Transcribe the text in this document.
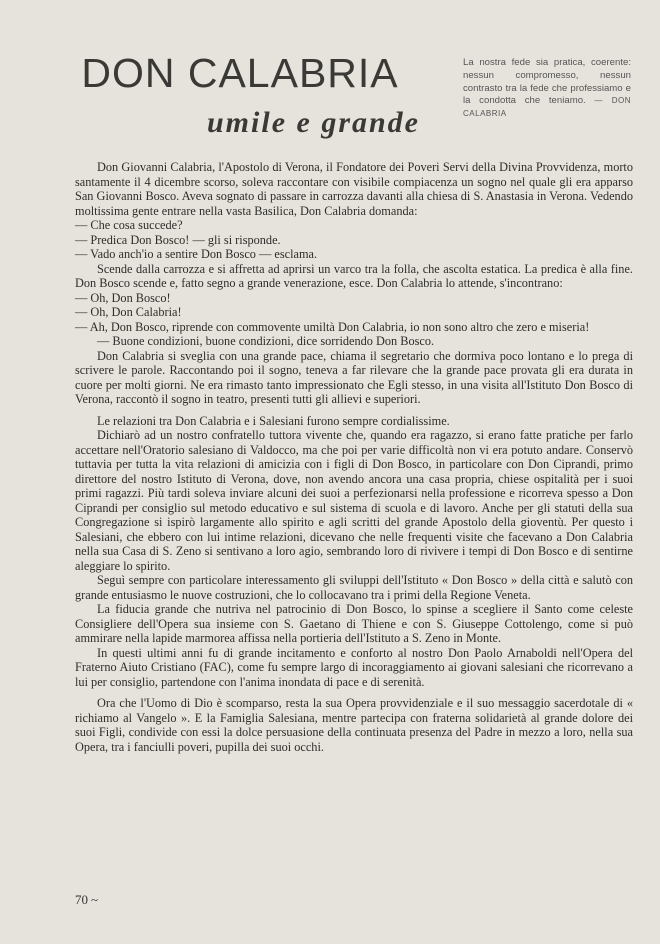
DON CALABRIA
umile e grande
La nostra fede sia pratica, coerente: nessun compromesso, nessun contrasto tra la fede che professiamo e la condotta che teniamo. — DON CALABRIA

Don Giovanni Calabria, l'Apostolo di Verona, il Fondatore dei Poveri Servi della Divina Provvidenza, morto santamente il 4 dicembre scorso, soleva raccontare con visibile compiacenza un sogno nel quale gli era apparso San Giovanni Bosco. Aveva sognato di passare in carrozza davanti alla chiesa di S. Anastasia in Verona. Vedendo moltissima gente entrare nella vasta Basilica, Don Calabria domanda:

— Che cosa succede?

— Predica Don Bosco! — gli si risponde.

— Vado anch'io a sentire Don Bosco — esclama.

Scende dalla carrozza e si affretta ad aprirsi un varco tra la folla, che ascolta estatica. La predica è alla fine. Don Bosco scende e, fatto segno a grande venerazione, esce. Don Calabria lo attende, s'incontrano:

— Oh, Don Bosco!

— Oh, Don Calabria!

— Ah, Don Bosco, riprende con commovente umiltà Don Calabria, io non sono altro che zero e miseria!

— Buone condizioni, buone condizioni, dice sorridendo Don Bosco.

Don Calabria si sveglia con una grande pace, chiama il segretario che dormiva poco lontano e lo prega di scrivere le parole. Raccontando poi il sogno, teneva a far rilevare che la grande pace provata gli era durata in cuore per molti giorni. Ne era rimasto tanto impressionato che Egli stesso, in una visita all'Istituto Don Bosco di Verona, raccontò il sogno in teatro, presenti tutti gli allievi e superiori.

Le relazioni tra Don Calabria e i Salesiani furono sempre cordialissime.

Dichiarò ad un nostro confratello tuttora vivente che, quando era ragazzo, si erano fatte pratiche per farlo accettare nell'Oratorio salesiano di Valdocco, ma che poi per varie difficoltà non vi era potuto andare. Conservò tuttavia per tutta la vita relazioni di amicizia con i figli di Don Bosco, in particolare con Don Ciprandi, primo direttore del nostro Istituto di Verona, dove, non avendo ancora una casa propria, chiese ospitalità per i suoi primi ragazzi. Più tardi soleva inviare alcuni dei suoi a perfezionarsi nella professione e ricorreva spesso a Don Ciprandi per consiglio sul metodo educativo e sul sistema di scuola e di lavoro. Anche per gli statuti della sua Congregazione si ispirò largamente allo spirito e agli scritti del grande Apostolo della gioventù. Per questo i Salesiani, che ebbero con lui intime relazioni, dicevano che nelle frequenti visite che facevano a Don Calabria nella sua Casa di S. Zeno si sentivano a loro agio, sembrando loro di rivivere i tempi di Don Bosco e di sentirne aleggiare lo spirito.

Seguì sempre con particolare interessamento gli sviluppi dell'Istituto « Don Bosco » della città e salutò con grande entusiasmo le nuove costruzioni, che lo collocavano tra i primi della Regione Veneta.

La fiducia grande che nutriva nel patrocinio di Don Bosco, lo spinse a scegliere il Santo come celeste Consigliere dell'Opera sua insieme con S. Gaetano di Thiene e con S. Giuseppe Cottolengo, come si può ammirare nella lapide marmorea affissa nella portieria dell'Istituto a S. Zeno in Monte.

In questi ultimi anni fu di grande incitamento e conforto al nostro Don Paolo Arnaboldi nell'Opera del Fraterno Aiuto Cristiano (FAC), come fu sempre largo di incoraggiamento ai giovani salesiani che ricorrevano a lui per consiglio, partendone con l'anima inondata di pace e di serenità.

Ora che l'Uomo di Dio è scomparso, resta la sua Opera provvidenziale e il suo messaggio sacerdotale di « richiamo al Vangelo ». E la Famiglia Salesiana, mentre partecipa con fraterna solidarietà al grande dolore dei suoi Figli, condivide con essi la dolce persuasione della continuata presenza del Padre in mezzo a loro, nella sua Opera, tra i fanciulli poveri, pupilla dei suoi occhi.

70 ~
